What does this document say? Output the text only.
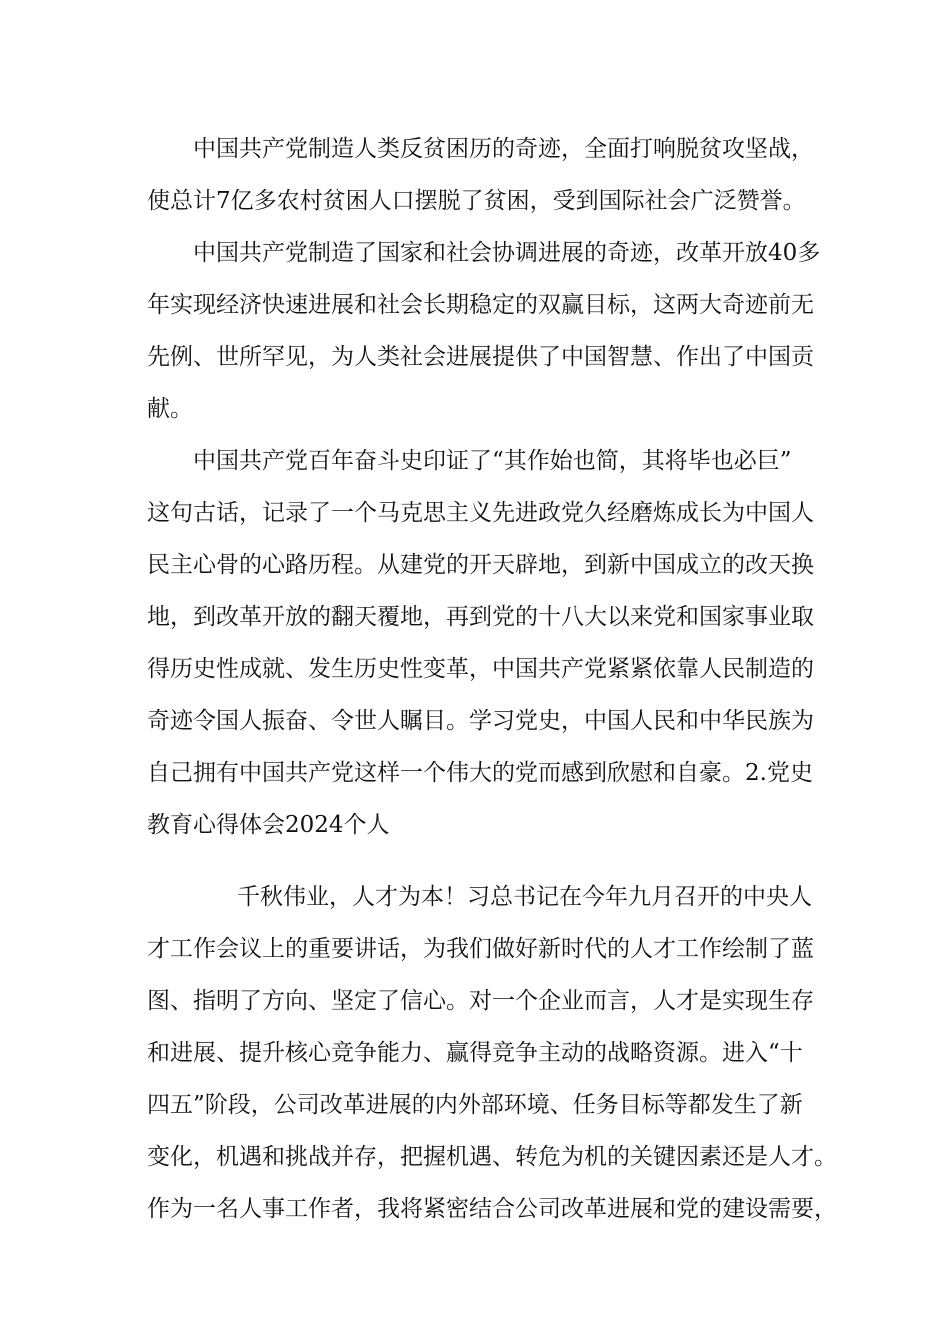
中国共产党制造人类反贫困历的奇迹，全面打响脱贫攻坚战，
使总计7亿多农村贫困人口摆脱了贫困，受到国际社会广泛赞誉。
中国共产党制造了国家和社会协调进展的奇迹，改革开放40多
年实现经济快速进展和社会长期稳定的双赢目标，这两大奇迹前无
先例、世所罕见，为人类社会进展提供了中国智慧、作出了中国贡
献。
中国共产党百年奋斗史印证了“其作始也简，其将毕也必巨”
这句古话，记录了一个马克思主义先进政党久经磨炼成长为中国人
民主心骨的心路历程。从建党的开天辟地，到新中国成立的改天换
地，到改革开放的翻天覆地，再到党的十八大以来党和国家事业取
得历史性成就、发生历史性变革，中国共产党紧紧依靠人民制造的
奇迹令国人振奋、令世人瞩目。学习党史，中国人民和中华民族为
自己拥有中国共产党这样一个伟大的党而感到欣慰和自豪。2.党史
教育心得体会2024个人
千秋伟业，人才为本！习总书记在今年九月召开的中央人
才工作会议上的重要讲话，为我们做好新时代的人才工作绘制了蓝
图、指明了方向、坚定了信心。对一个企业而言，人才是实现生存
和进展、提升核心竞争能力、赢得竞争主动的战略资源。进入“十
四五”阶段，公司改革进展的内外部环境、任务目标等都发生了新
变化，机遇和挑战并存，把握机遇、转危为机的关键因素还是人才。
作为一名人事工作者，我将紧密结合公司改革进展和党的建设需要，
